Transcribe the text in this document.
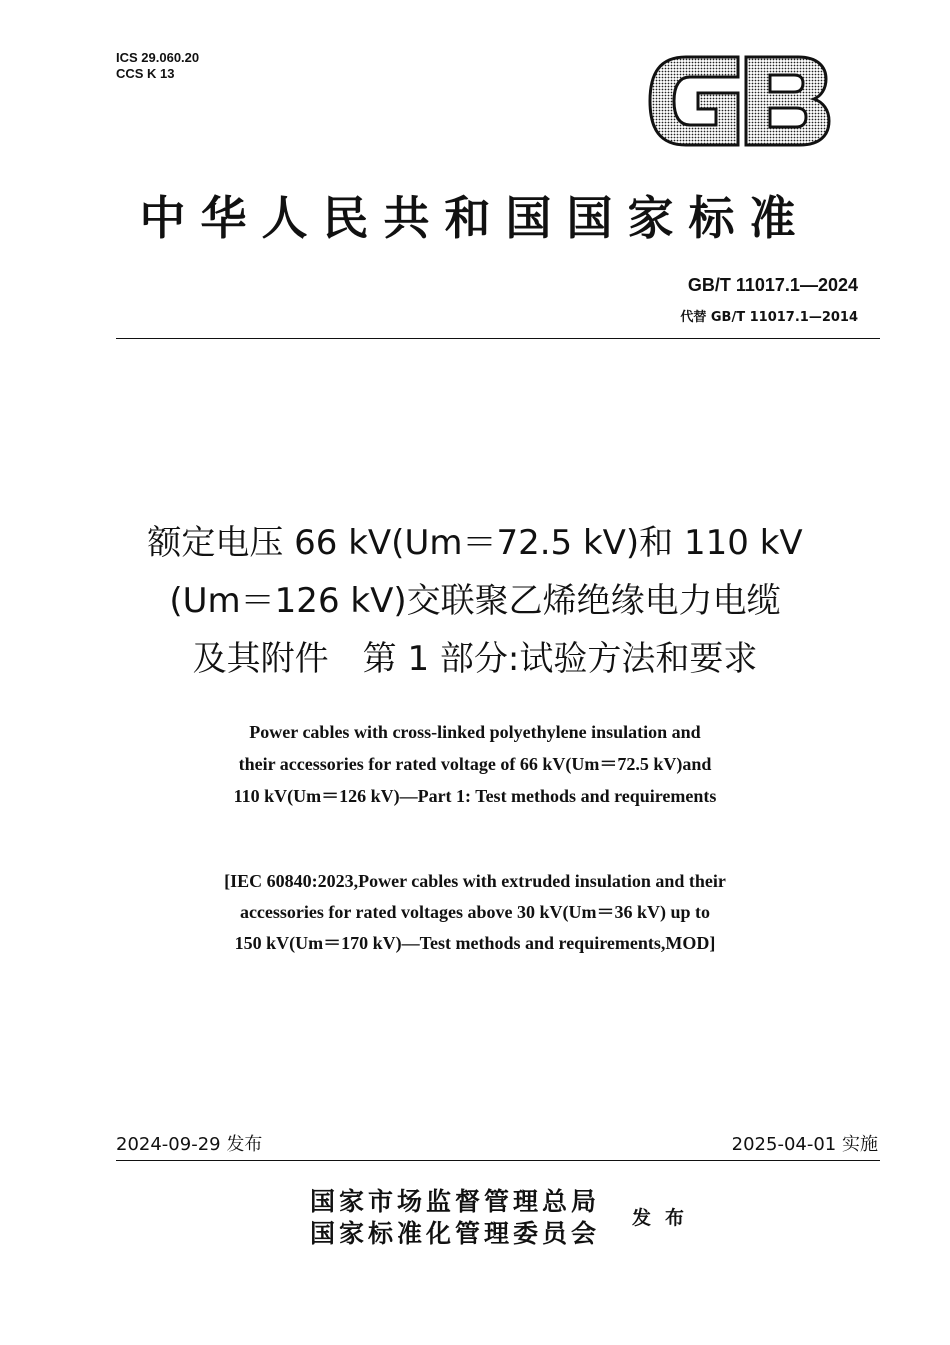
ICS 29.060.20
CCS K 13
中华人民共和国国家标准
GB/T 11017.1—2024
代替 GB/T 11017.1—2014
额定电压 66 kV(Um＝72.5 kV)和 110 kV
(Um＝126 kV)交联聚乙烯绝缘电力电缆
及其附件　第 1 部分:试验方法和要求
Power cables with cross-linked polyethylene insulation and
their accessories for rated voltage of 66 kV(Um＝72.5 kV)and
110 kV(Um＝126 kV)—Part 1: Test methods and requirements
[IEC 60840:2023,Power cables with extruded insulation and their
accessories for rated voltages above 30 kV(Um＝36 kV) up to
150 kV(Um＝170 kV)—Test methods and requirements,MOD]
2024-09-29 发布	2025-04-01 实施
国家市场监督管理总局
国家标准化管理委员会
发布
